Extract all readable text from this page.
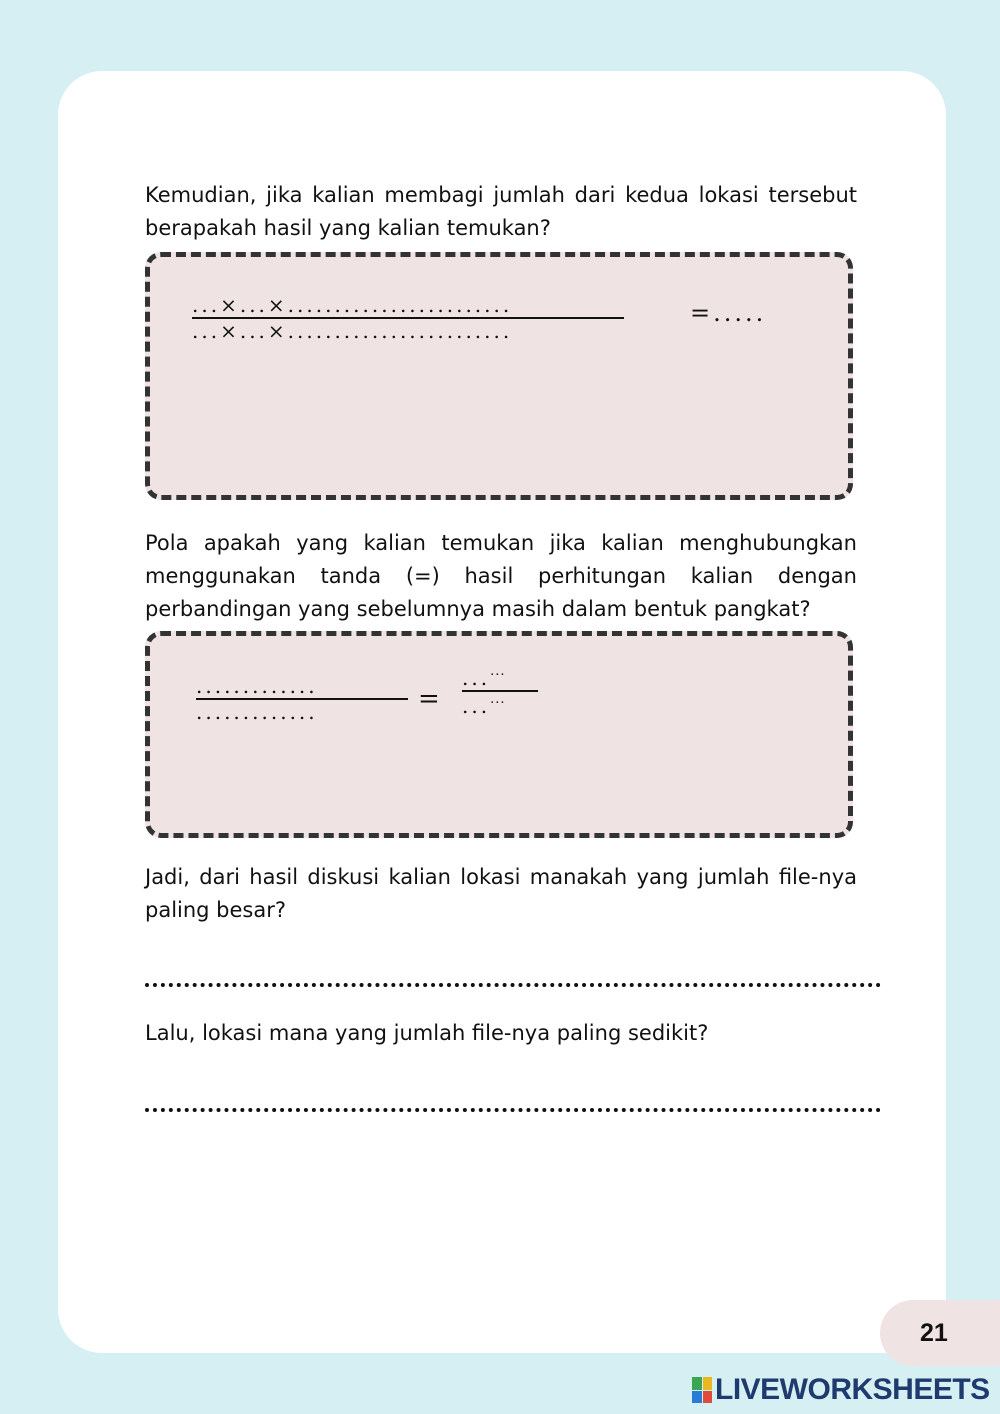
Kemudian, jika kalian membagi jumlah dari kedua lokasi tersebut berapakah hasil yang kalian temukan?

...×...×........................
...×...×........................
=.....

Pola apakah yang kalian temukan jika kalian menghubungkan menggunakan tanda (=) hasil perhitungan kalian dengan perbandingan yang sebelumnya masih dalam bentuk pangkat?

.............
.............	=
......
......

Jadi, dari hasil diskusi kalian lokasi manakah yang jumlah file-nya paling besar?

Lalu, lokasi mana yang jumlah file-nya paling sedikit?

21
LIVEWORKSHEETS
